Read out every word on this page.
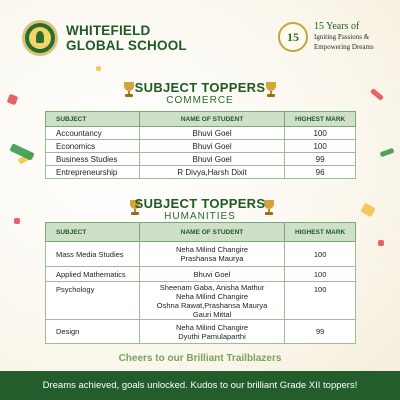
WHITEFIELD
GLOBAL SCHOOL
15
15 Years of
Igniting Passions &
Empowering Dreams
SUBJECT TOPPERS
COMMERCE
SUBJECT	NAME OF STUDENT	HIGHEST MARK
Accountancy	Bhuvi Goel	100
Economics	Bhuvi Goel	100
Business Studies	Bhuvi Goel	99
Entrepreneurship	R Divya,Harsh Dixit	96
SUBJECT TOPPERS
HUMANITIES
SUBJECT	NAME OF STUDENT	HIGHEST MARK
Mass Media Studies	Neha Milind Changire
Prashansa Maurya	100
Applied Mathematics	Bhuvi Goel	100
Psychology	Sheenam Gaba, Anisha Mathur
Neha Milind Changire
Oshna Rawat,Prashansa Maurya
Gauri Mittal	100
Design	Neha Milind Changire
Dyuthi Pamulaparthi	99
Cheers to our Brilliant Trailblazers
Dreams achieved, goals unlocked. Kudos to our brilliant Grade XII toppers!
